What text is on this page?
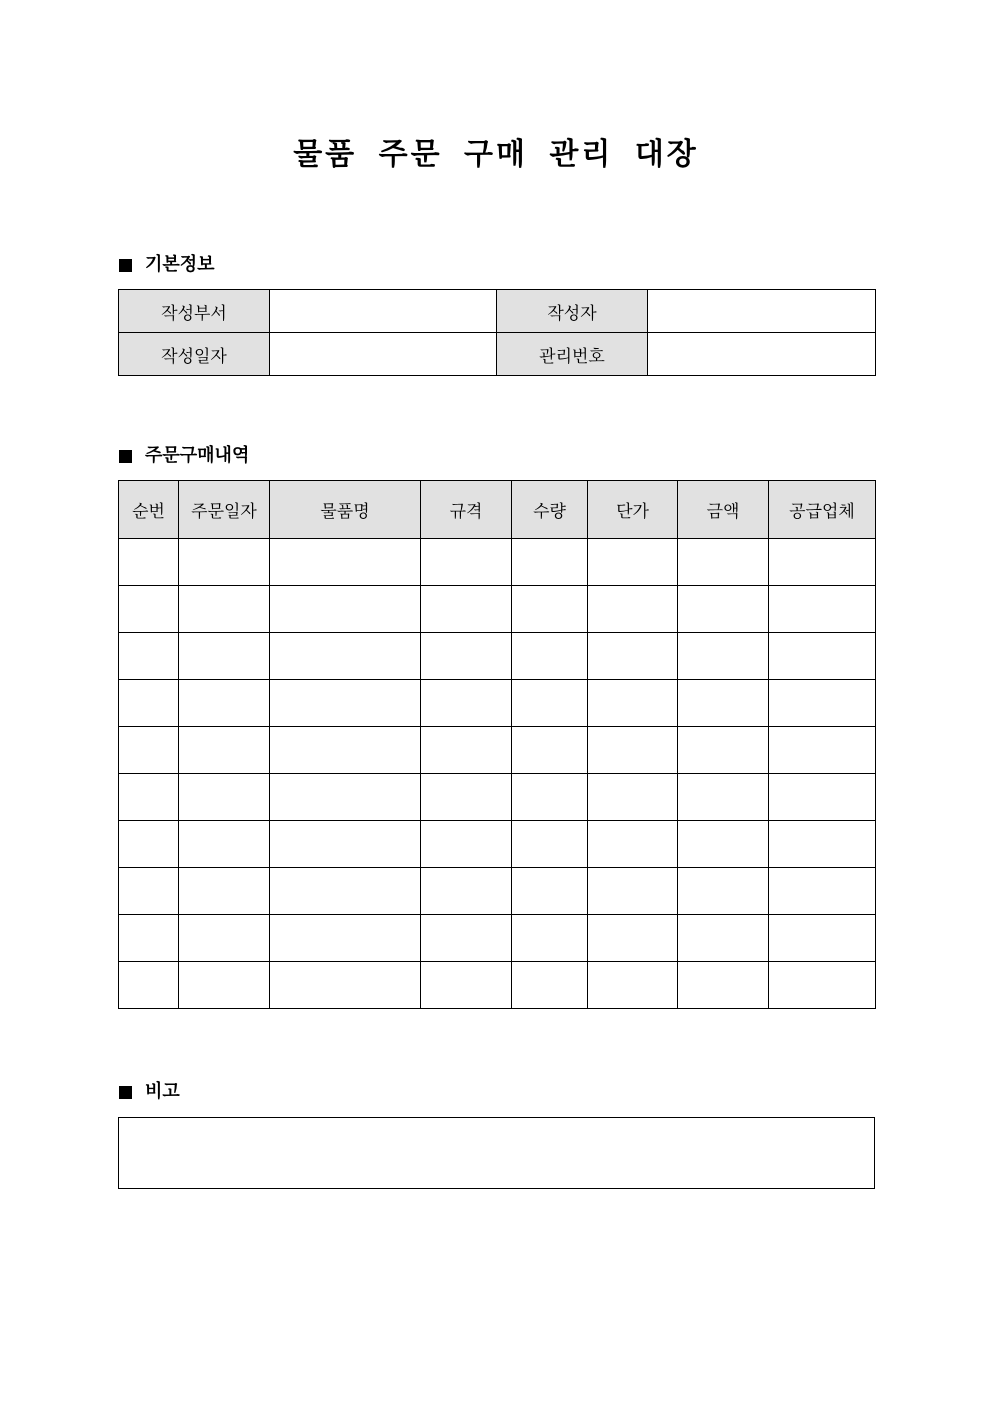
물품 주문 구매 관리 대장
기본정보
작성부서		작성자	
작성일자		관리번호	
주문구매내역
순번	주문일자	물품명	규격	수량	단가	금액	공급업체

비고
